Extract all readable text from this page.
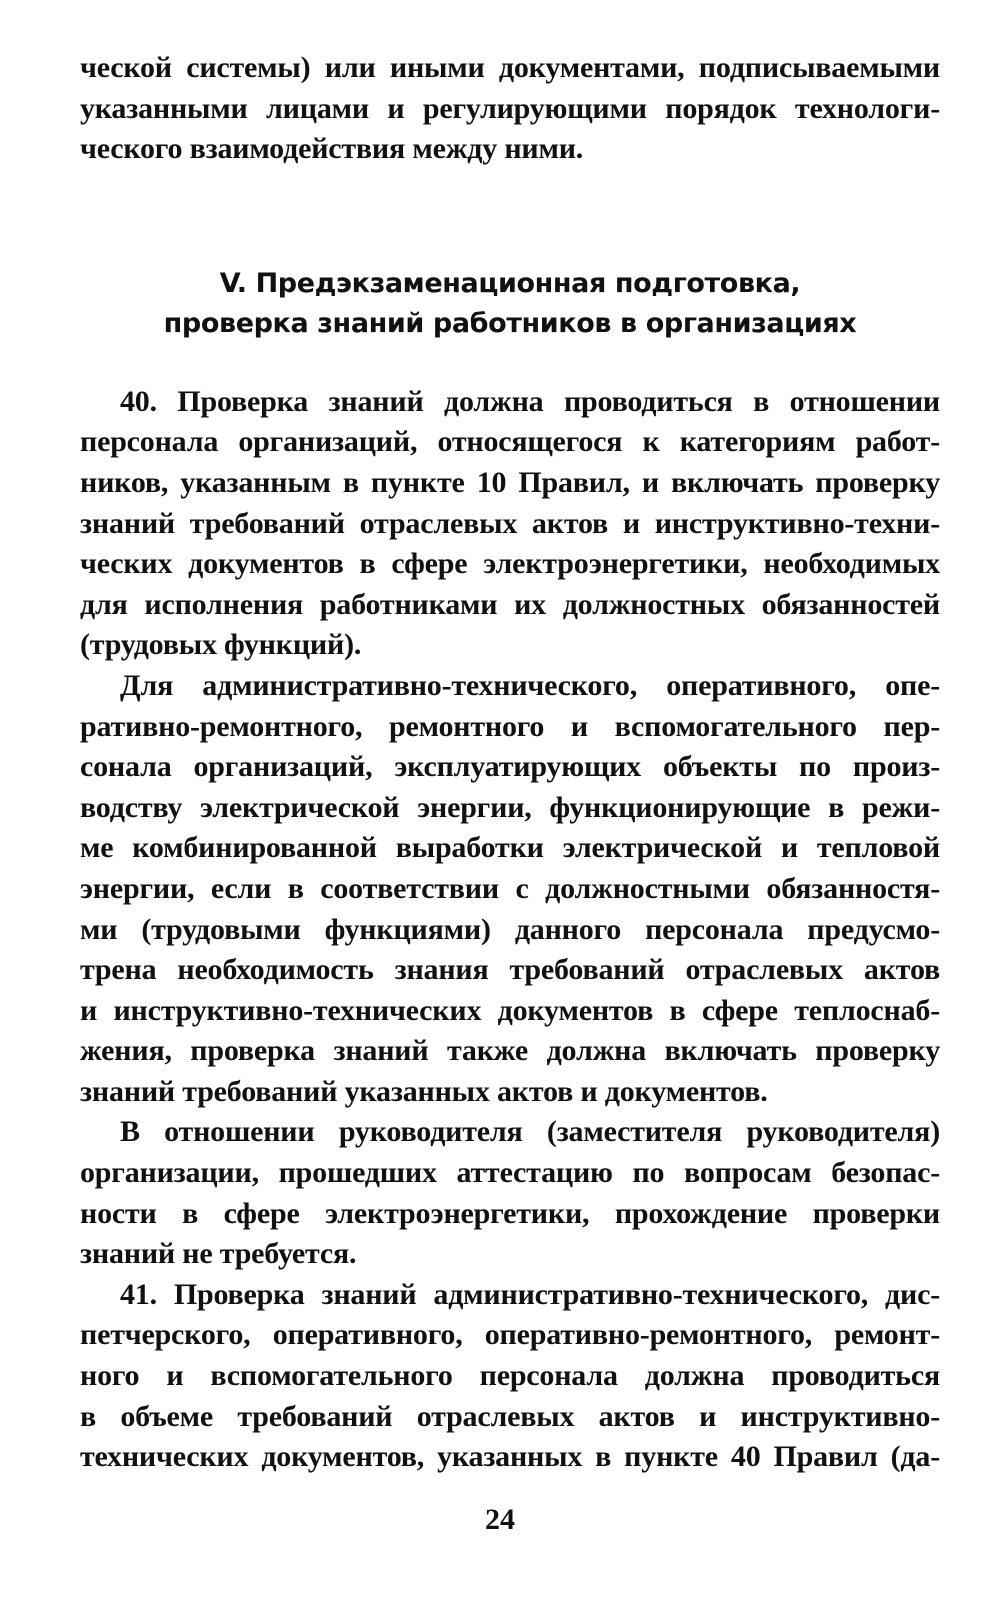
ческой системы) или иными документами, подписываемыми
указанными лицами и регулирующими порядок технологи-
ческого взаимодействия между ними.
V. Предэкзаменационная подготовка,
проверка знаний работников в организациях
40. Проверка знаний должна проводиться в отношении
персонала организаций, относящегося к категориям работ-
ников, указанным в пункте 10 Правил, и включать проверку
знаний требований отраслевых актов и инструктивно-техни-
ческих документов в сфере электроэнергетики, необходимых
для исполнения работниками их должностных обязанностей
(трудовых функций).
Для административно-технического, оперативного, опе-
ративно-ремонтного, ремонтного и вспомогательного пер-
сонала организаций, эксплуатирующих объекты по произ-
водству электрической энергии, функционирующие в режи-
ме комбинированной выработки электрической и тепловой
энергии, если в соответствии с должностными обязанностя-
ми (трудовыми функциями) данного персонала предусмо-
трена необходимость знания требований отраслевых актов
и инструктивно-технических документов в сфере теплоснаб-
жения, проверка знаний также должна включать проверку
знаний требований указанных актов и документов.
В отношении руководителя (заместителя руководителя)
организации, прошедших аттестацию по вопросам безопас-
ности в сфере электроэнергетики, прохождение проверки
знаний не требуется.
41. Проверка знаний административно-технического, дис-
петчерского, оперативного, оперативно-ремонтного, ремонт-
ного и вспомогательного персонала должна проводиться
в объеме требований отраслевых актов и инструктивно-
технических документов, указанных в пункте 40 Правил (да-
24
